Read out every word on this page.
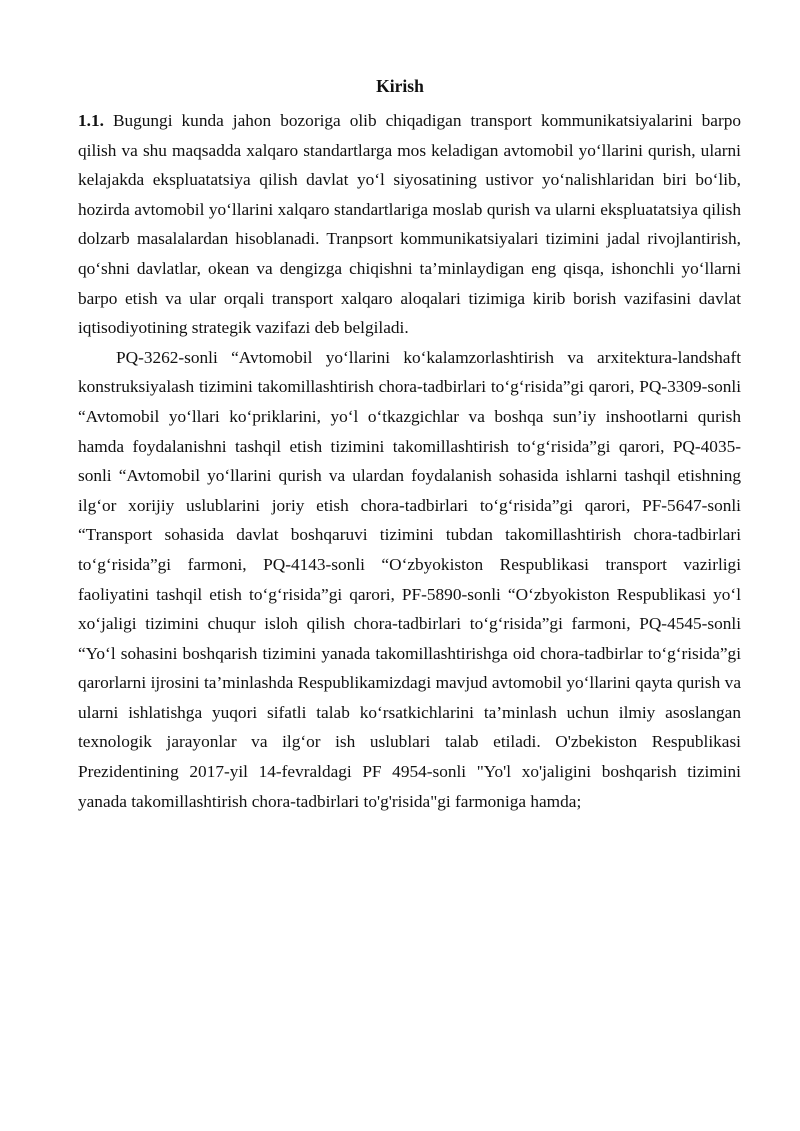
Kirish

1.1. Bugungi kunda jahon bozoriga olib chiqadigan transport kommunikatsiyalarini barpo qilish va shu maqsadda xalqaro standartlarga mos keladigan avtomobil yo‘llarini qurish, ularni kelajakda ekspluatatsiya qilish davlat yo‘l siyosatining ustivor yo‘nalishlaridan biri bo‘lib, hozirda avtomobil yo‘llarini xalqaro standartlariga moslab qurish va ularni ekspluatatsiya qilish dolzarb masalalardan hisoblanadi. Tranpsort kommunikatsiyalari tizimini jadal rivojlantirish, qo‘shni davlatlar, okean va dengizga chiqishni ta’minlaydigan eng qisqa, ishonchli yo‘llarni barpo etish va ular orqali transport xalqaro aloqalari tizimiga kirib borish vazifasini davlat iqtisodiyotining strategik vazifazi deb belgiladi.

PQ-3262-sonli “Avtomobil yo‘llarini ko‘kalamzorlashtirish va arxitektura-landshaft konstruksiyalash tizimini takomillashtirish chora-tadbirlari to‘g‘risida”gi qarori, PQ-3309-sonli “Avtomobil yo‘llari ko‘priklarini, yo‘l o‘tkazgichlar va boshqa sun’iy inshootlarni qurish hamda foydalanishni tashqil etish tizimini takomillashtirish to‘g‘risida”gi qarori, PQ-4035-sonli “Avtomobil yo‘llarini qurish va ulardan foydalanish sohasida ishlarni tashqil etishning ilg‘or xorijiy uslublarini joriy etish chora-tadbirlari to‘g‘risida”gi qarori, PF-5647-sonli “Transport sohasida davlat boshqaruvi tizimini tubdan takomillashtirish chora-tadbirlari to‘g‘risida”gi farmoni, PQ-4143-sonli “O‘zbyokiston Respublikasi transport vazirligi faoliyatini tashqil etish to‘g‘risida”gi qarori, PF-5890-sonli “O‘zbyokiston Respublikasi yo‘l xo‘jaligi tizimini chuqur isloh qilish chora-tadbirlari to‘g‘risida”gi farmoni, PQ-4545-sonli “Yo‘l sohasini boshqarish tizimini yanada takomillashtirishga oid chora-tadbirlar to‘g‘risida”gi qarorlarni ijrosini ta’minlashda Respublikamizdagi mavjud avtomobil yo‘llarini qayta qurish va ularni ishlatishga yuqori sifatli talab ko‘rsatkichlarini ta’minlash uchun ilmiy asoslangan texnologik jarayonlar va ilg‘or ish uslublari talab etiladi. O'zbekiston Respublikasi Prezidentining 2017-yil 14-fevraldagi PF 4954-sonli "Yo'l xo'jaligini boshqarish tizimini yanada takomillashtirish chora-tadbirlari to'g'risida"gi farmoniga hamda;
